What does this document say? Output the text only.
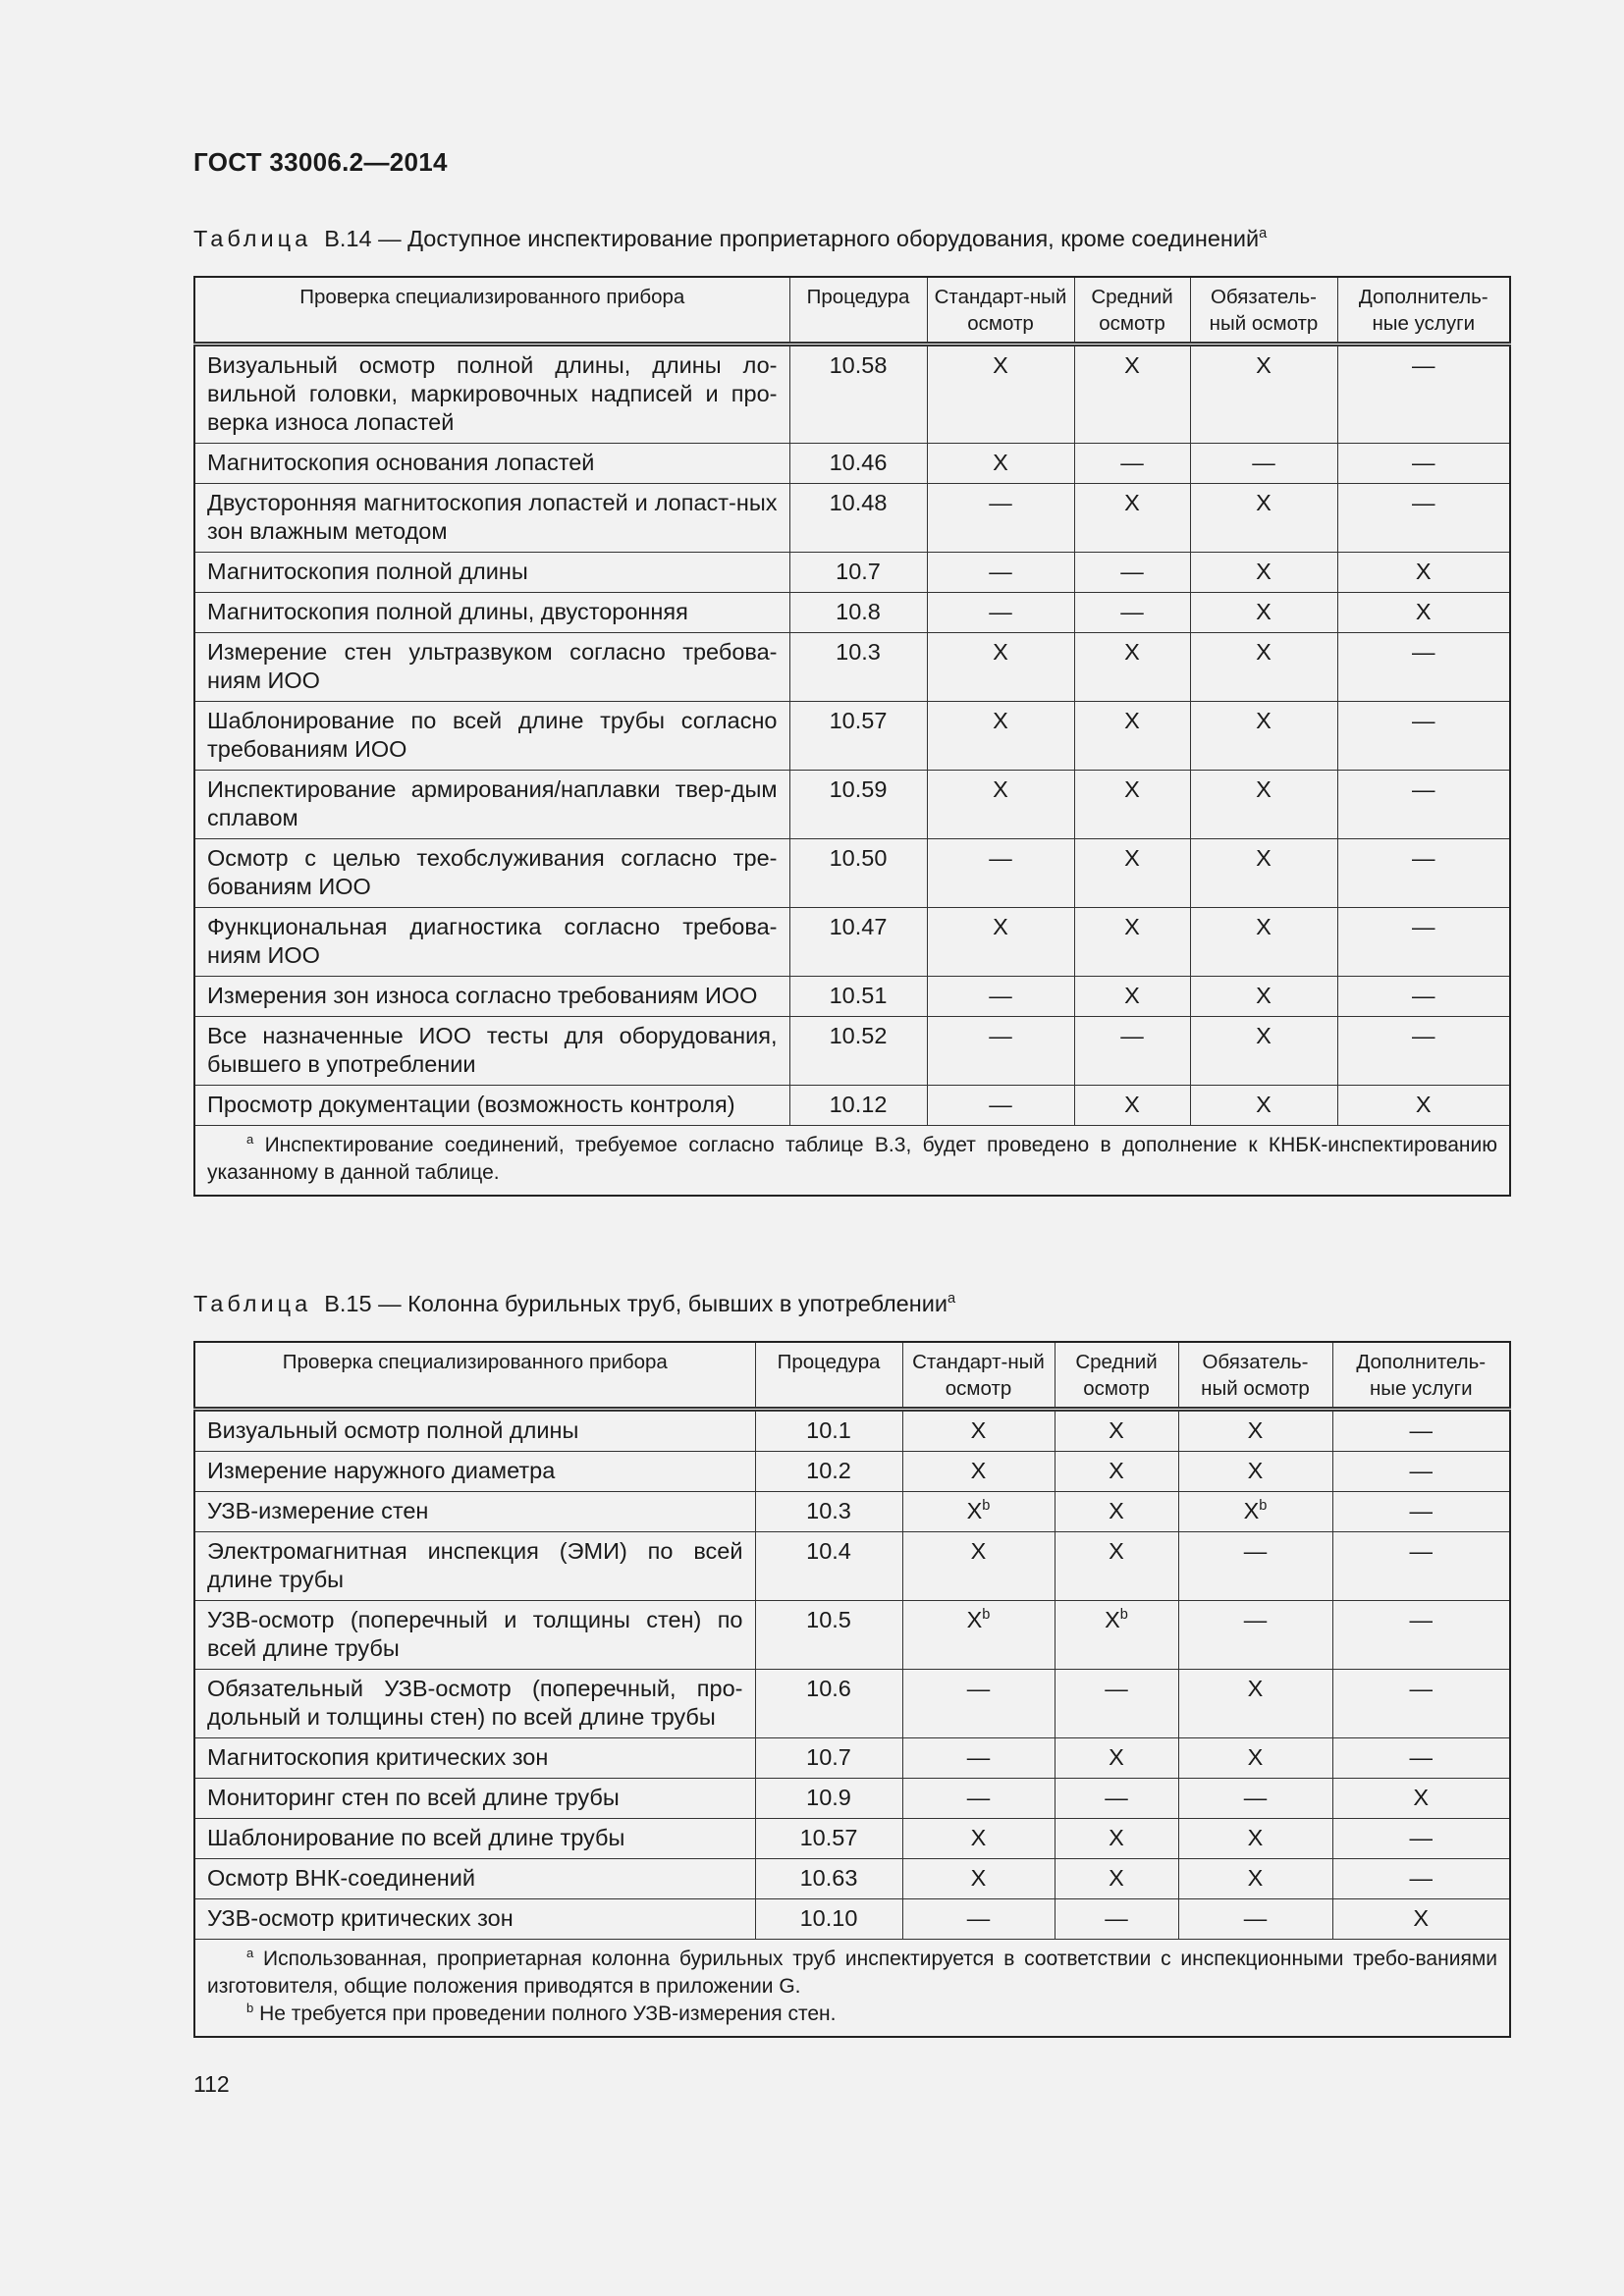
ГОСТ 33006.2—2014
Таблица В.14 — Доступное инспектирование проприетарного оборудования, кроме соединений$^a$
Проверка специализированного прибора	Процедура	Стандарт-ный осмотр	Средний осмотр	Обязатель-ный осмотр	Дополнитель-ные услуги
Визуальный осмотр полной длины, длины ло-вильной головки, маркировочных надписей и про-верка износа лопастей	10.58	X	X	X	—
Магнитоскопия основания лопастей	10.46	X	—	—	—
Двусторонняя магнитоскопия лопастей и лопаст-ных зон влажным методом	10.48	—	X	X	—
Магнитоскопия полной длины	10.7	—	—	X	X
Магнитоскопия полной длины, двусторонняя	10.8	—	—	X	X
Измерение стен ультразвуком согласно требова-ниям ИОО	10.3	X	X	X	—
Шаблонирование по всей длине трубы согласно требованиям ИОО	10.57	X	X	X	—
Инспектирование армирования/наплавки твер-дым сплавом	10.59	X	X	X	—
Осмотр с целью техобслуживания согласно тре-бованиям ИОО	10.50	—	X	X	—
Функциональная диагностика согласно требова-ниям ИОО	10.47	X	X	X	—
Измерения зон износа согласно требованиям ИОО	10.51	—	X	X	—
Все назначенные ИОО тесты для оборудования, бывшего в употреблении	10.52	—	—	X	—
Просмотр документации (возможность контроля)	10.12	—	X	X	X
$^a$ Инспектирование соединений, требуемое согласно таблице В.3, будет проведено в дополнение к КНБК-инспектированию указанному в данной таблице.					
Таблица В.15 — Колонна бурильных труб, бывших в употреблении$^a$
Проверка специализированного прибора	Процедура	Стандарт-ный осмотр	Средний осмотр	Обязатель-ный осмотр	Дополнитель-ные услуги
Визуальный осмотр полной длины	10.1	X	X	X	—
Измерение наружного диаметра	10.2	X	X	X	—
УЗВ-измерение стен	10.3	$X^b$	X	$X^b$	—
Электромагнитная инспекция (ЭМИ) по всей длине трубы	10.4	X	X	—	—
УЗВ-осмотр (поперечный и толщины стен) по всей длине трубы	10.5	$X^b$	$X^b$	—	—
Обязательный УЗВ-осмотр (поперечный, про-дольный и толщины стен) по всей длине трубы	10.6	—	—	X	—
Магнитоскопия критических зон	10.7	—	X	X	—
Мониторинг стен по всей длине трубы	10.9	—	—	—	X
Шаблонирование по всей длине трубы	10.57	X	X	X	—
Осмотр ВНК-соединений	10.63	X	X	X	—
УЗВ-осмотр критических зон	10.10	—	—	—	X

$^a$ Использованная, проприетарная колонна бурильных труб инспектируется в соответствии с инспекционными требо-ваниями изготовителя, общие положения приводятся в приложении G.
$^b$ Не требуется при проведении полного УЗВ-измерения стен.					
112
